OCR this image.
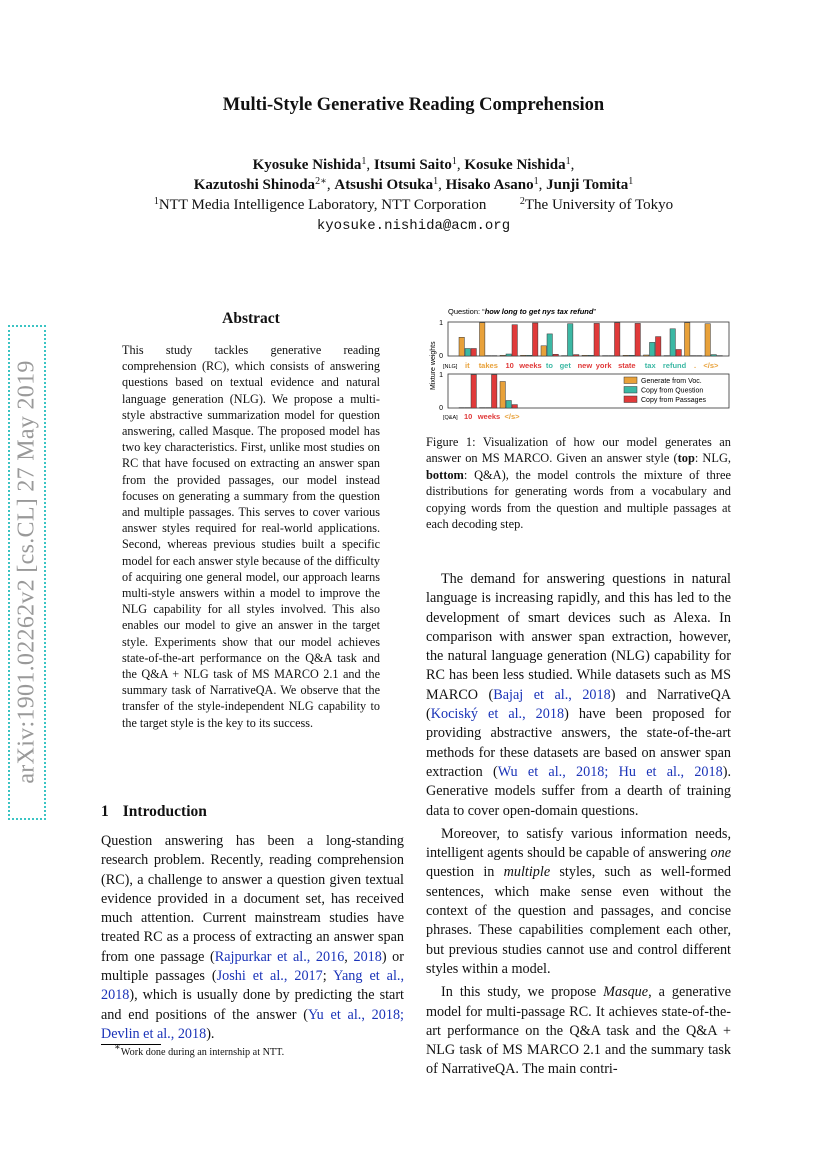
arXiv:1901.02262v2 [cs.CL] 27 May 2019
Multi-Style Generative Reading Comprehension
Kyosuke Nishida$^1$, Itsumi Saito$^1$, Kosuke Nishida$^1$,
Kazutoshi Shinoda$^{2∗}$, Atsushi Otsuka$^1$, Hisako Asano$^1$, Junji Tomita$^1$
$^1$NTT Media Intelligence Laboratory, NTT Corporation	$^2$The University of Tokyo
kyosuke.nishida@acm.org
Abstract
This study tackles generative reading comprehension (RC), which consists of answering questions based on textual evidence and natural language generation (NLG). We propose a multi-style abstractive summarization model for question answering, called Masque. The proposed model has two key characteristics. First, unlike most studies on RC that have focused on extracting an answer span from the provided passages, our model instead focuses on generating a summary from the question and multiple passages. This serves to cover various answer styles required for real-world applications. Second, whereas previous studies built a specific model for each answer style because of the difficulty of acquiring one general model, our approach learns multi-style answers within a model to improve the NLG capability for all styles involved. This also enables our model to give an answer in the target style. Experiments show that our model achieves state-of-the-art performance on the Q&A task and the Q&A + NLG task of MS MARCO 2.1 and the summary task of NarrativeQA. We observe that the transfer of the style-independent NLG capability to the target style is the key to its success.
1 Introduction
Question answering has been a long-standing research problem. Recently, reading comprehension (RC), a challenge to answer a question given textual evidence provided in a document set, has received much attention. Current mainstream studies have treated RC as a process of extracting an answer span from one passage (Rajpurkar et al., 2016, 2018) or multiple passages (Joshi et al., 2017; Yang et al., 2018), which is usually done by predicting the start and end positions of the answer (Yu et al., 2018; Devlin et al., 2018).
∗Work done during an internship at NTT.
Question: “how long to get nys tax refund”
Mixture weights
1
0
1
0
[NLG]
[Q&A]
it takes 10 weeks to get new york state tax refund . </s>
10 weeks </s>
Generate from Voc.
Copy from Question
Copy from Passages
Figure 1: Visualization of how our model generates an answer on MS MARCO. Given an answer style (top: NLG, bottom: Q&A), the model controls the mixture of three distributions for generating words from a vocabulary and copying words from the question and multiple passages at each decoding step.

The demand for answering questions in natural language is increasing rapidly, and this has led to the development of smart devices such as Alexa. In comparison with answer span extraction, however, the natural language generation (NLG) capability for RC has been less studied. While datasets such as MS MARCO (Bajaj et al., 2018) and NarrativeQA (Kociský et al., 2018) have been proposed for providing abstractive answers, the state-of-the-art methods for these datasets are based on answer span extraction (Wu et al., 2018; Hu et al., 2018). Generative models suffer from a dearth of training data to cover open-domain questions.

Moreover, to satisfy various information needs, intelligent agents should be capable of answering one question in multiple styles, such as well-formed sentences, which make sense even without the context of the question and passages, and concise phrases. These capabilities complement each other, but previous studies cannot use and control different styles within a model.

In this study, we propose Masque, a generative model for multi-passage RC. It achieves state-of-the-art performance on the Q&A task and the Q&A + NLG task of MS MARCO 2.1 and the summary task of NarrativeQA. The main contri-
